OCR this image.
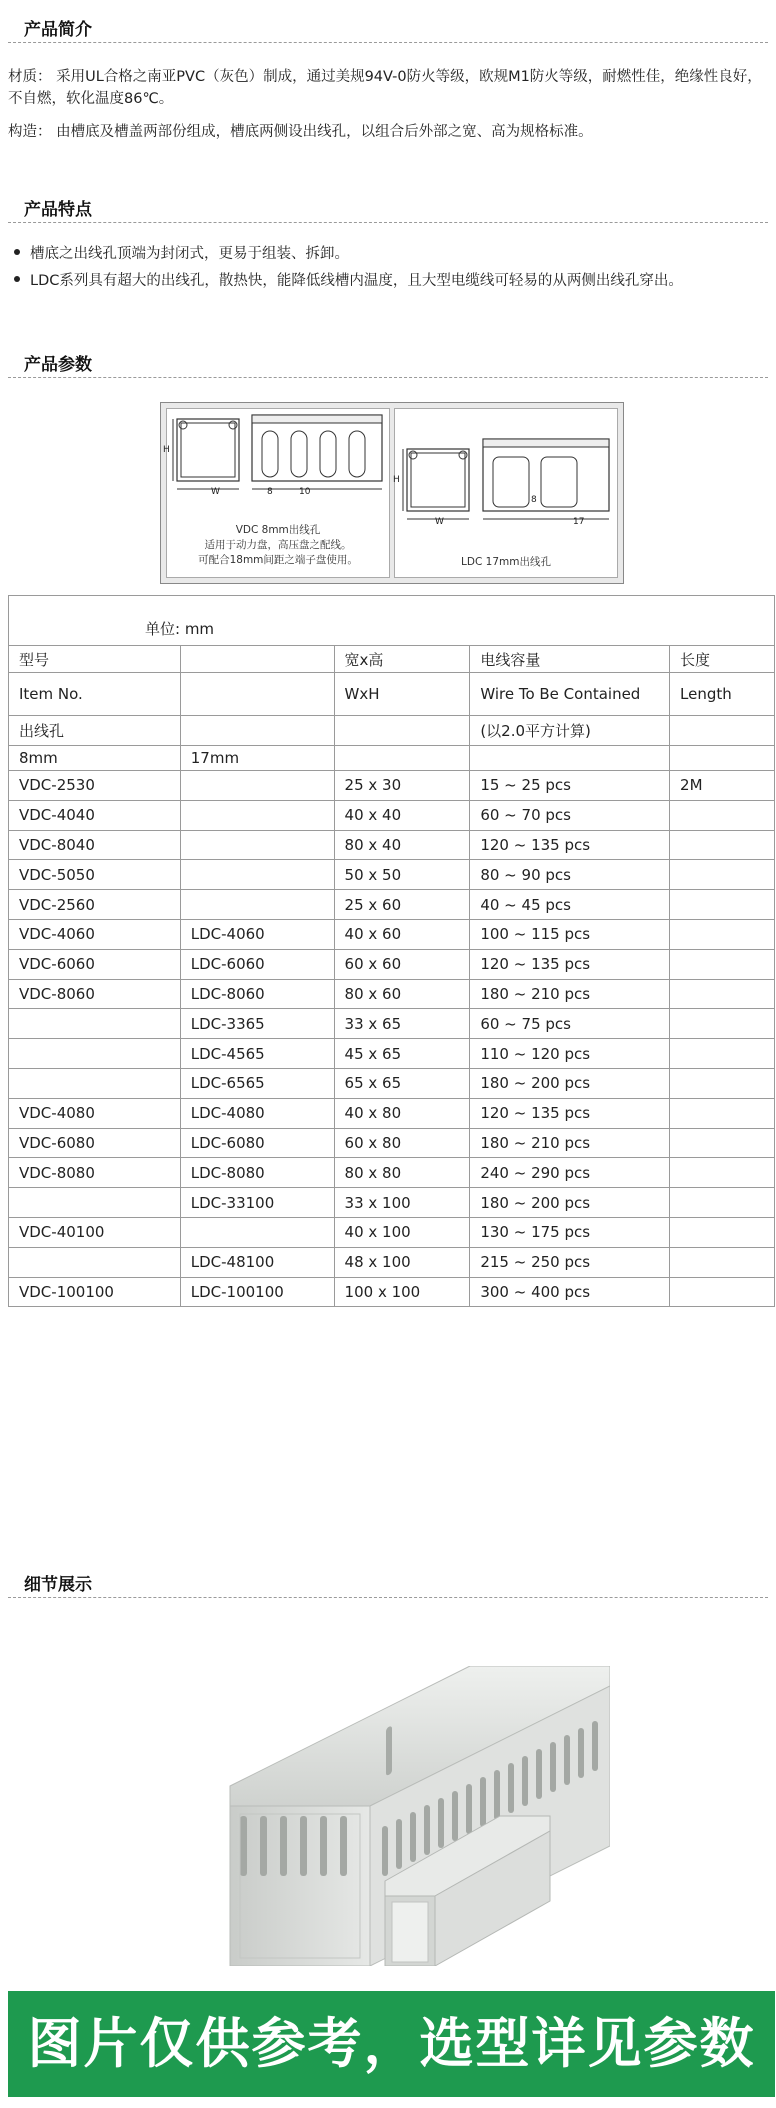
产品简介
材质： 采用UL合格之南亚PVC（灰色）制成，通过美规94V-0防火等级，欧规M1防火等级，耐燃性佳，绝缘性良好，不自燃，软化温度86℃。
构造： 由槽底及槽盖两部份组成，槽底两侧设出线孔，以组合后外部之宽、高为规格标准。
产品特点
槽底之出线孔顶端为封闭式，更易于组装、拆卸。
LDC系列具有超大的出线孔，散热快，能降低线槽内温度，且大型电缆线可轻易的从两侧出线孔穿出。
产品参数
W
H
8	10
VDC 8mm出线孔
适用于动力盘，高压盘之配线。
可配合18mm间距之端子盘使用。
W
H
8
17
LDC 17mm出线孔
单位: mm				
型号		宽x高	电线容量	长度
Item No.		WxH	Wire To Be Contained	Length
出线孔			(以2.0平方计算)	
8mm	17mm			
VDC-2530		25 x 30	15 ~ 25 pcs	2M
VDC-4040		40 x 40	60 ~ 70 pcs	
VDC-8040		80 x 40	120 ~ 135 pcs	
VDC-5050		50 x 50	80 ~ 90 pcs	
VDC-2560		25 x 60	40 ~ 45 pcs	
VDC-4060	LDC-4060	40 x 60	100 ~ 115 pcs	
VDC-6060	LDC-6060	60 x 60	120 ~ 135 pcs	
VDC-8060	LDC-8060	80 x 60	180 ~ 210 pcs	
	LDC-3365	33 x 65	60 ~ 75 pcs	
	LDC-4565	45 x 65	110 ~ 120 pcs	
	LDC-6565	65 x 65	180 ~ 200 pcs	
VDC-4080	LDC-4080	40 x 80	120 ~ 135 pcs	
VDC-6080	LDC-6080	60 x 80	180 ~ 210 pcs	
VDC-8080	LDC-8080	80 x 80	240 ~ 290 pcs	
	LDC-33100	33 x 100	180 ~ 200 pcs	
VDC-40100		40 x 100	130 ~ 175 pcs	
	LDC-48100	48 x 100	215 ~ 250 pcs	
VDC-100100	LDC-100100	100 x 100	300 ~ 400 pcs	
细节展示
图片仅供参考，选型详见参数
